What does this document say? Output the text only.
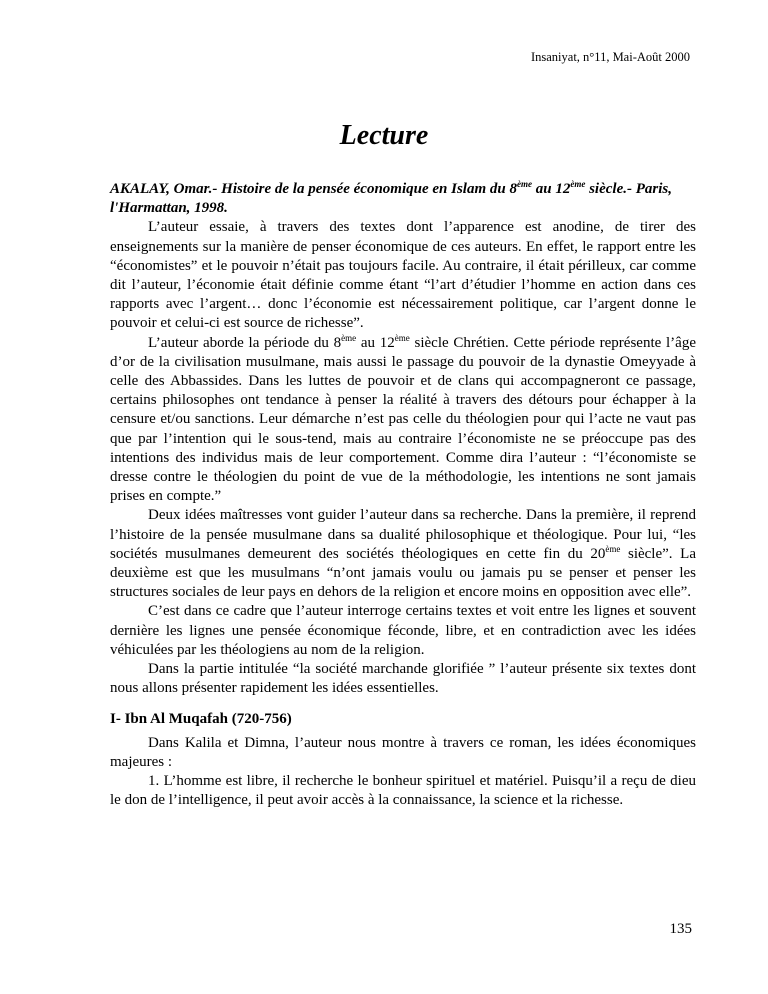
Insaniyat, n°11, Mai-Août 2000
Lecture

AKALAY, Omar.- Histoire de la pensée économique en Islam du 8ème au 12ème siècle.- Paris, l'Harmattan, 1998.

L’auteur essaie, à travers des textes dont l’apparence est anodine, de tirer des enseignements sur la manière de penser économique de ces auteurs. En effet, le rapport entre les “économistes” et le pouvoir n’était pas toujours facile. Au contraire, il était périlleux, car comme dit l’auteur, l’économie était définie comme étant “l’art d’étudier l’homme en action dans ces rapports avec l’argent… donc l’économie est nécessairement politique, car l’argent donne le pouvoir et celui-ci est source de richesse”.

L’auteur aborde la période du 8ème au 12ème siècle Chrétien. Cette période représente l’âge d’or de la civilisation musulmane, mais aussi le passage du pouvoir de la dynastie Omeyyade à celle des Abbassides. Dans les luttes de pouvoir et de clans qui accompagneront ce passage, certains philosophes ont tendance à penser la réalité à travers des détours pour échapper à la censure et/ou sanctions. Leur démarche n’est pas celle du théologien pour qui l’acte ne vaut pas que par l’intention qui le sous-tend, mais au contraire l’économiste ne se préoccupe pas des intentions des individus mais de leur comportement. Comme dira l’auteur : “l’économiste se dresse contre le théologien du point de vue de la méthodologie, les intentions ne sont jamais prises en compte.”

Deux idées maîtresses vont guider l’auteur dans sa recherche. Dans la première, il reprend l’histoire de la pensée musulmane dans sa dualité philosophique et théologique. Pour lui, “les sociétés musulmanes demeurent des sociétés théologiques en cette fin du 20ème siècle”. La deuxième est que les musulmans “n’ont jamais voulu ou jamais pu se penser et penser les structures sociales de leur pays en dehors de la religion et encore moins en opposition avec elle”.

C’est dans ce cadre que l’auteur interroge certains textes et voit entre les lignes et souvent dernière les lignes une pensée économique féconde, libre, et en contradiction avec les idées véhiculées par les théologiens au nom de la religion.

Dans la partie intitulée “la société marchande glorifiée ” l’auteur présente six textes dont nous allons présenter rapidement les idées essentielles.

I- Ibn Al Muqafah (720-756)

Dans Kalila et Dimna, l’auteur nous montre à travers ce roman, les idées économiques majeures :

1. L’homme est libre, il recherche le bonheur spirituel et matériel. Puisqu’il a reçu de dieu le don de l’intelligence, il peut avoir accès à la connaissance, la science et la richesse.

135
